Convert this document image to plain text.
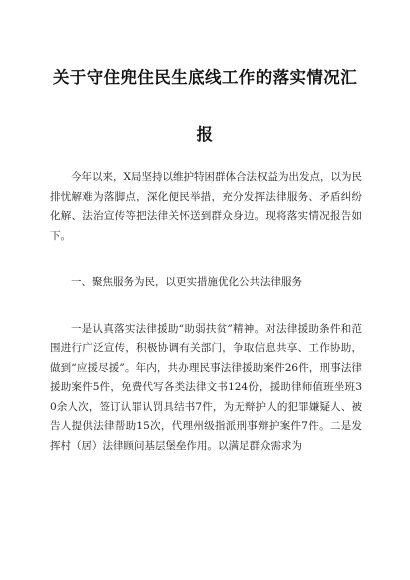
关于守住兜住民生底线工作的落实情况汇
报

今年以来，X局坚持以维护特困群体合法权益为出发点，以为民排忧解难为落脚点，深化便民举措，充分发挥法律服务、矛盾纠纷化解、法治宣传等把法律关怀送到群众身边。现将落实情况报告如下。

一、聚焦服务为民，以更实措施优化公共法律服务

一是认真落实法律援助“助弱扶贫”精神。对法律援助条件和范围进行广泛宣传，积极协调有关部门，争取信息共享、工作协助，做到“应援尽援”。年内，共办理民事法律援助案件26件，刑事法律援助案件5件，免费代写各类法律文书124份，援助律师值班坐班30余人次，签订认罪认罚具结书7件，为无辩护人的犯罪嫌疑人、被告人提供法律帮助15次，代理州级指派刑事辩护案件7件。二是发挥村（居）法律顾问基层堡垒作用。以满足群众需求为
